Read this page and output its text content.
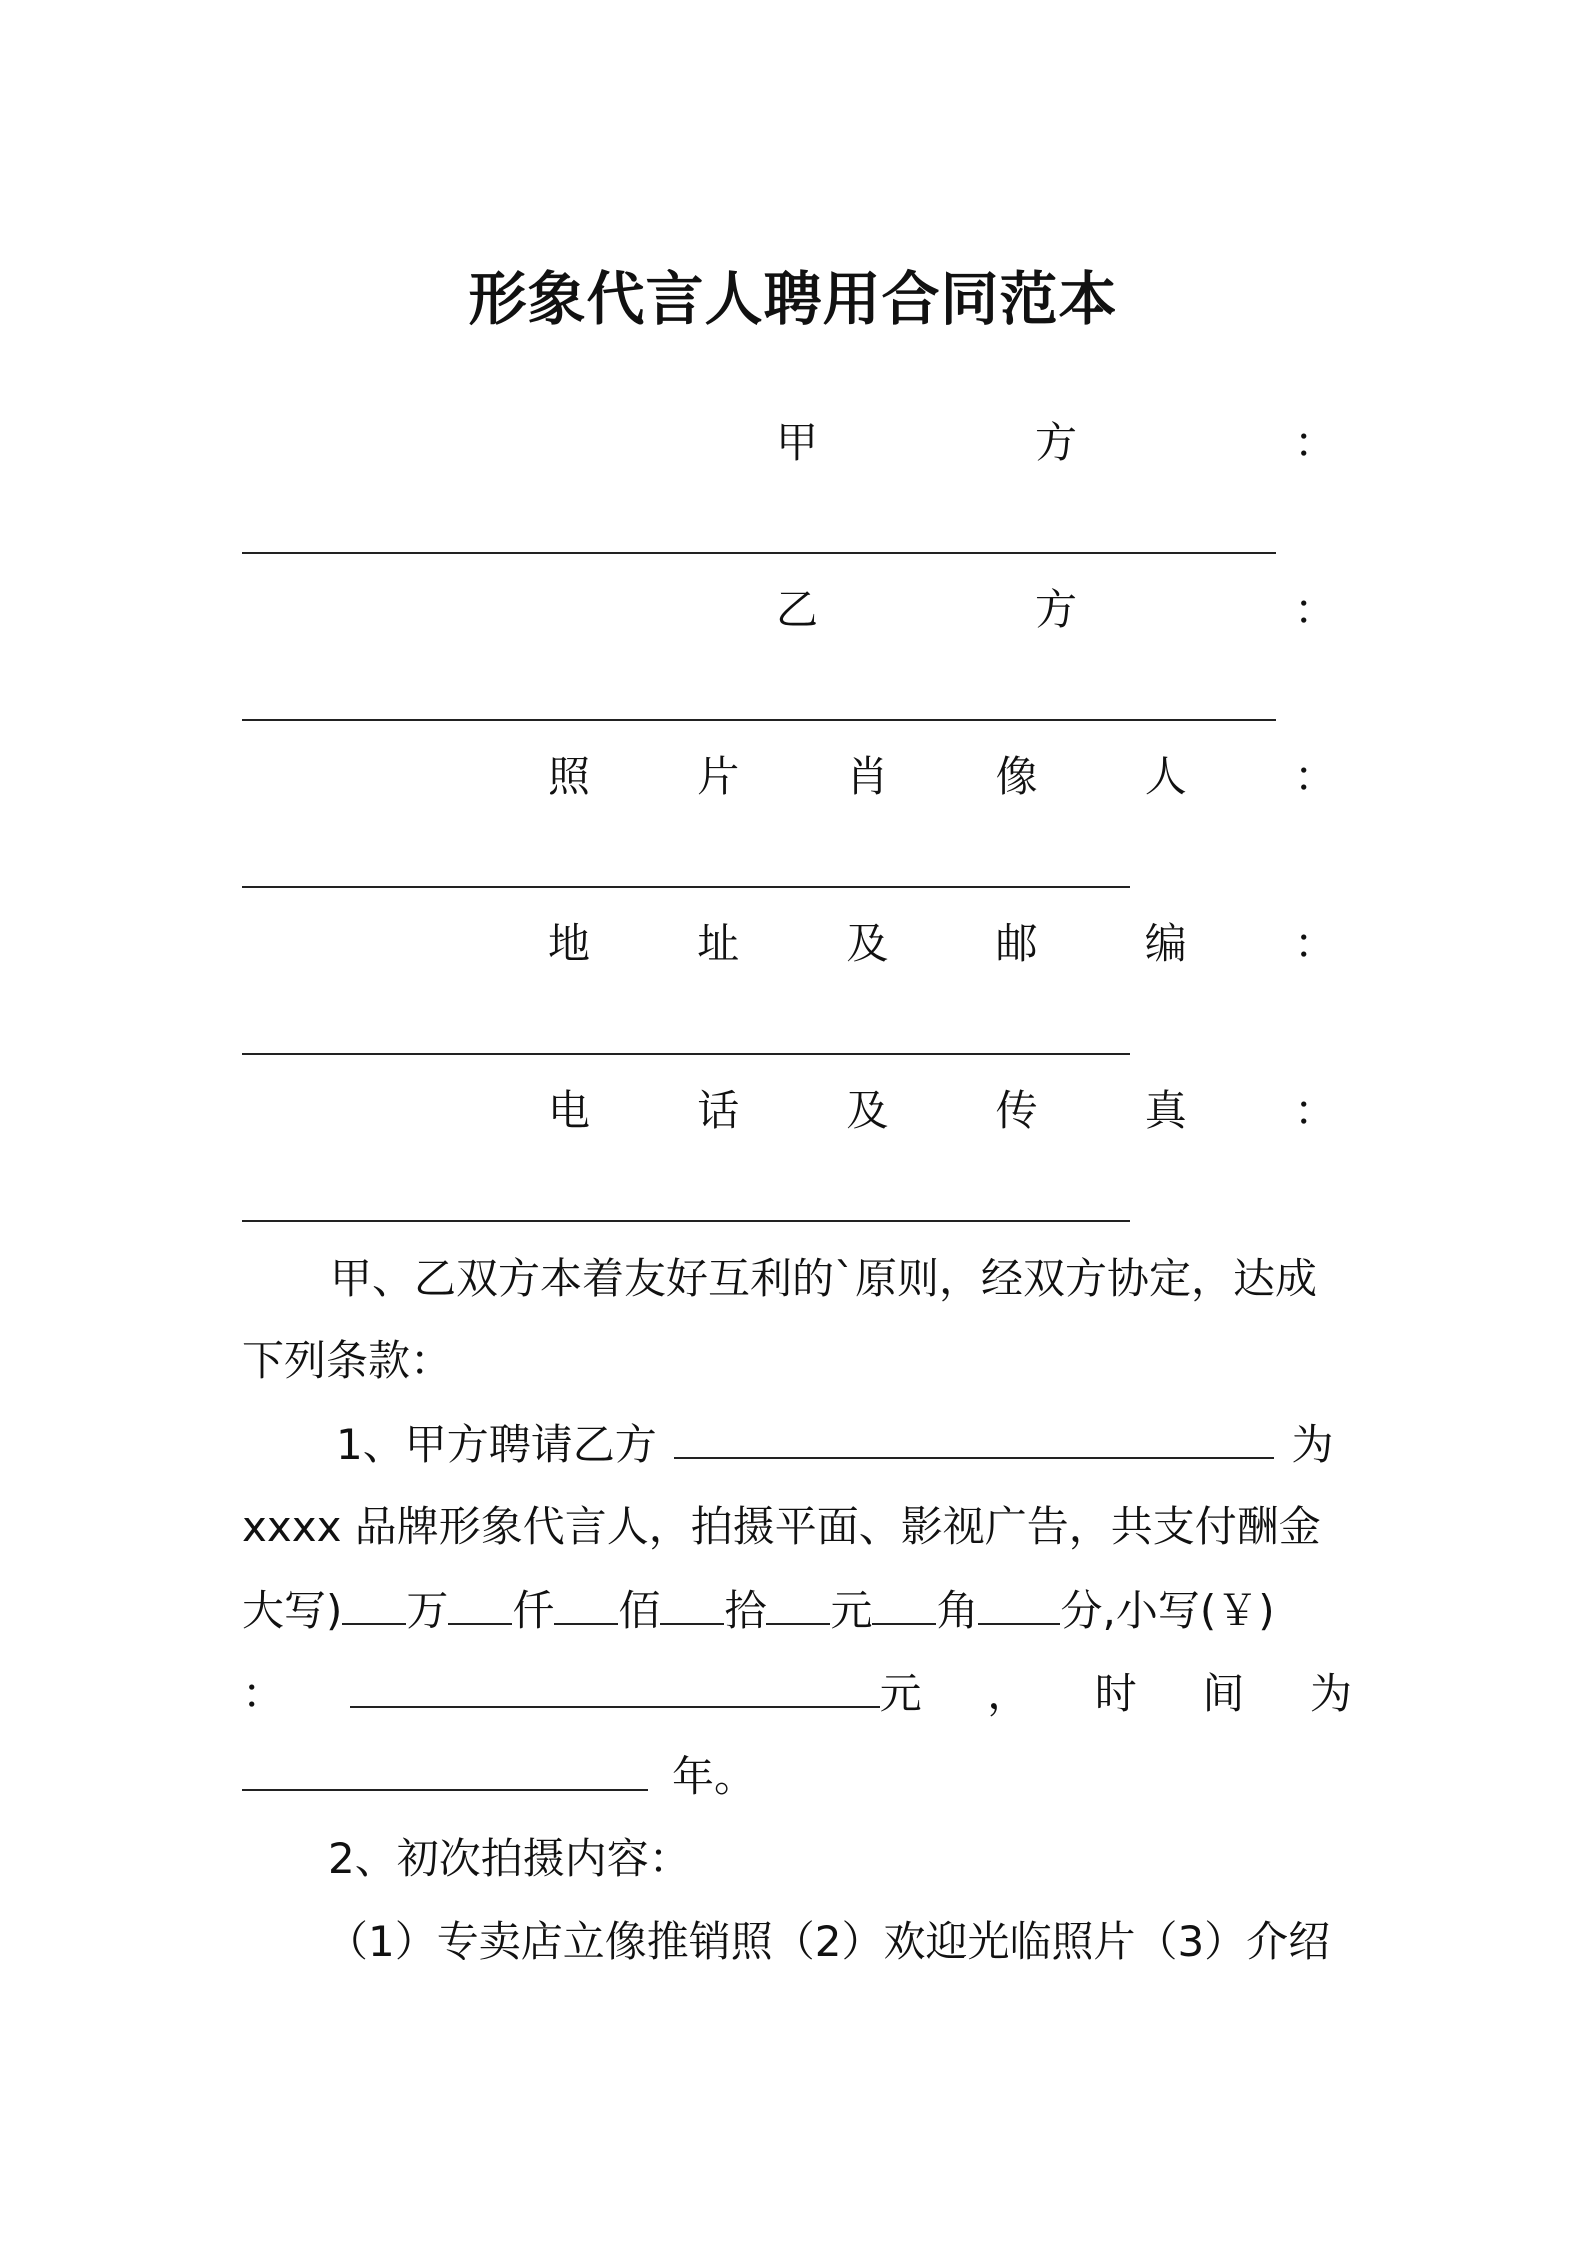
形象代言人聘用合同范本
甲	方	：
乙	方	：
照	片	肖	像	人	：
地	址	及	邮	编	：
电	话	及	传	真	：
甲、乙双方本着友好互利的`原则，经双方协定，达成
下列条款：
1、甲方聘请乙方	为
xxxx 品牌形象代言人，拍摄平面、影视广告，共支付酬金
大写) 万 仟 佰 拾 元 角 分,小写(￥)
：	元 ， 时 间 为
年。
2、初次拍摄内容：
（1）专卖店立像推销照（2）欢迎光临照片（3）介绍
